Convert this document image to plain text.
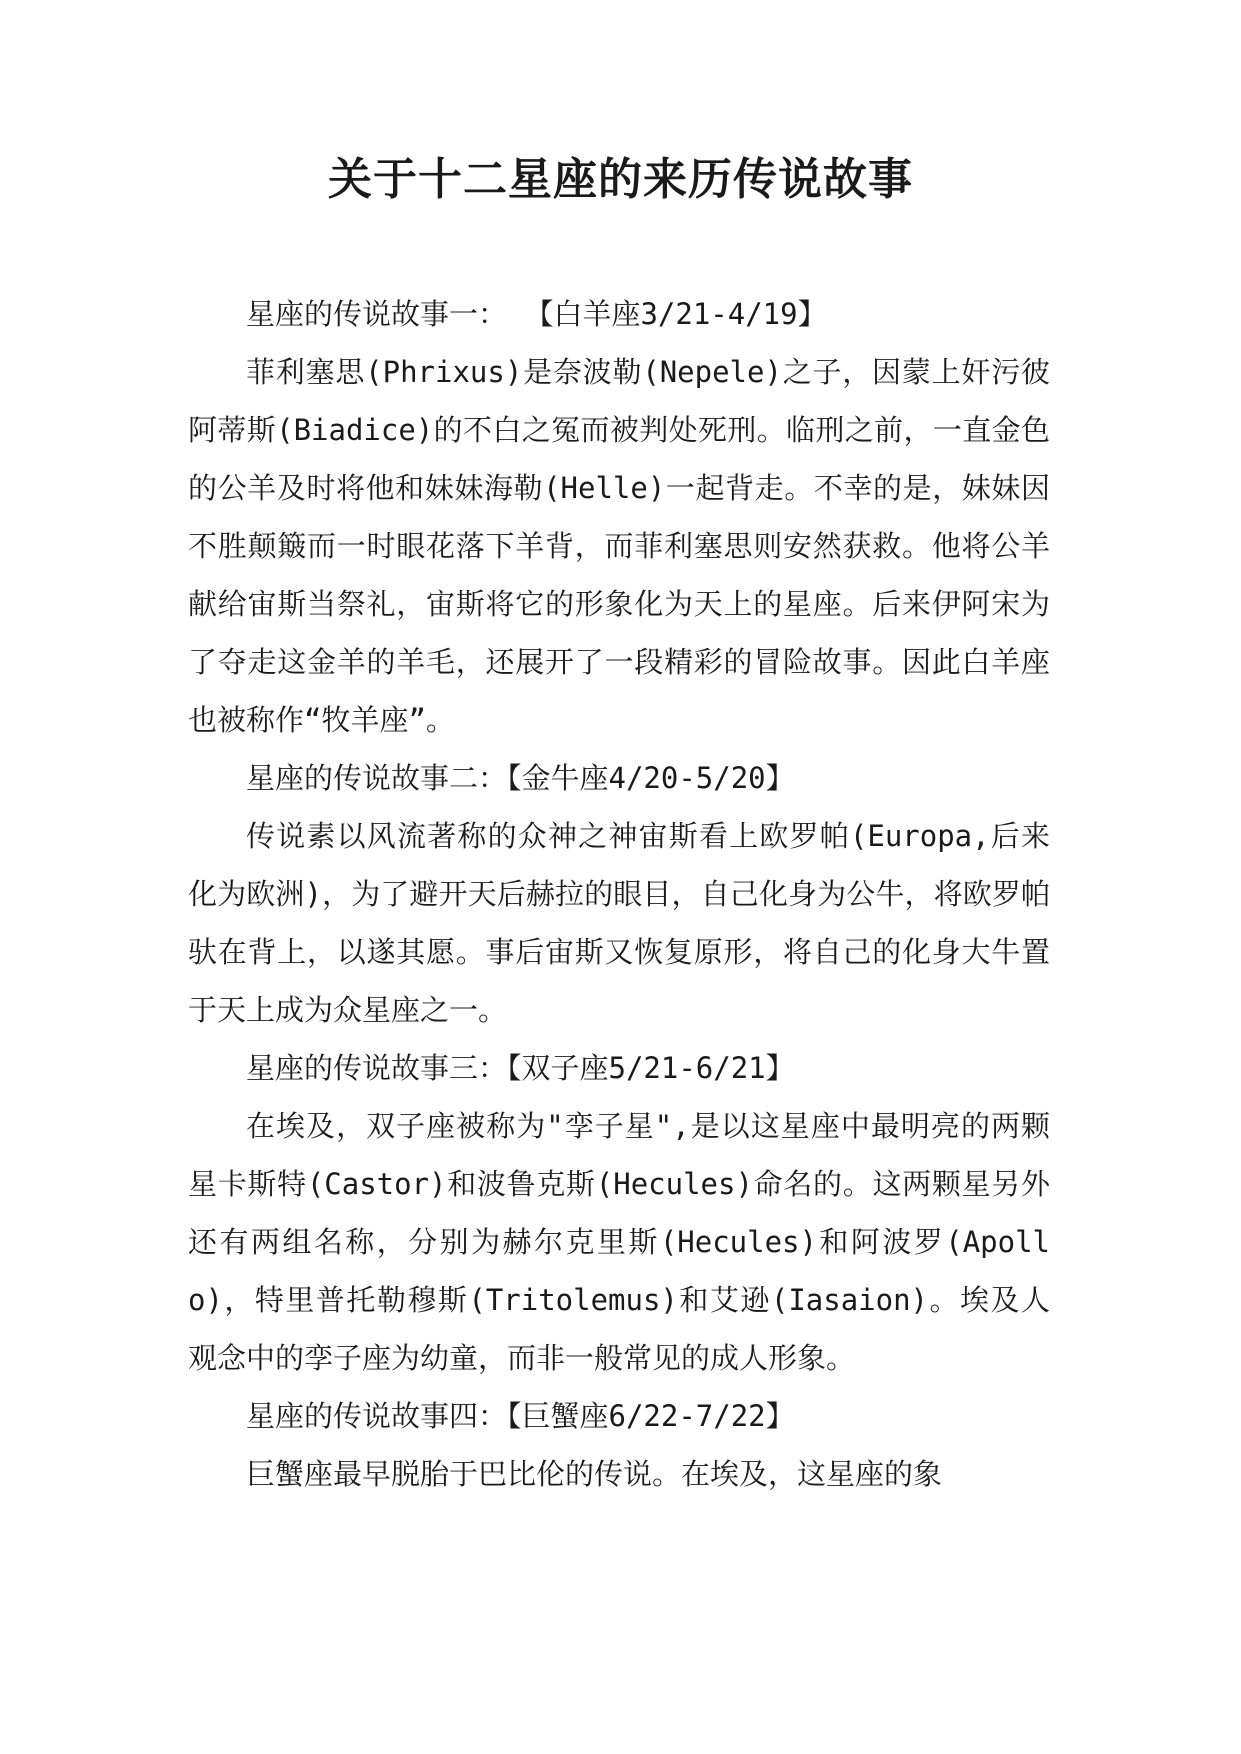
关于十二星座的来历传说故事

星座的传说故事一： 【白羊座3/21-4/19】

菲利塞思(Phrixus)是奈波勒(Nepele)之子，因蒙上奸污彼阿蒂斯(Biadice)的不白之冤而被判处死刑。临刑之前，一直金色的公羊及时将他和妹妹海勒(Helle)一起背走。不幸的是，妹妹因不胜颠簸而一时眼花落下羊背，而菲利塞思则安然获救。他将公羊献给宙斯当祭礼，宙斯将它的形象化为天上的星座。后来伊阿宋为了夺走这金羊的羊毛，还展开了一段精彩的冒险故事。因此白羊座也被称作“牧羊座”。

星座的传说故事二：【金牛座4/20-5/20】

传说素以风流著称的众神之神宙斯看上欧罗帕(Europa,后来化为欧洲)，为了避开天后赫拉的眼目，自己化身为公牛，将欧罗帕驮在背上，以遂其愿。事后宙斯又恢复原形，将自己的化身大牛置于天上成为众星座之一。

星座的传说故事三：【双子座5/21-6/21】

在埃及，双子座被称为"孪子星",是以这星座中最明亮的两颗星卡斯特(Castor)和波鲁克斯(Hecules)命名的。这两颗星另外还有两组名称，分别为赫尔克里斯(Hecules)和阿波罗(Apollo)，特里普托勒穆斯(Tritolemus)和艾逊(Iasaion)。埃及人观念中的孪子座为幼童，而非一般常见的成人形象。

星座的传说故事四：【巨蟹座6/22-7/22】

巨蟹座最早脱胎于巴比伦的传说。在埃及，这星座的象
